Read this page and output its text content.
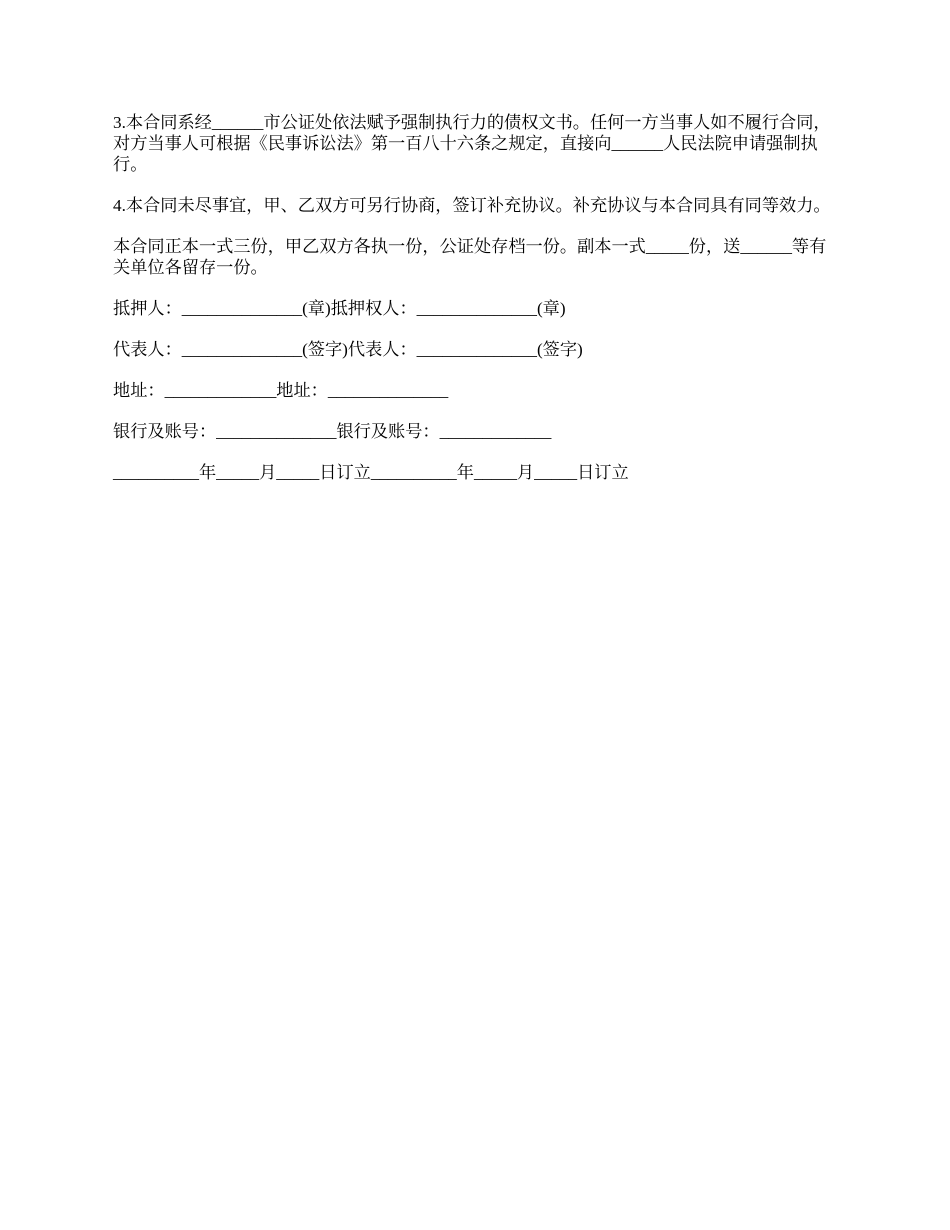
3.本合同系经______市公证处依法赋予强制执行力的债权文书。任何一方当事人如不履行合同，对方当事人可根据《民事诉讼法》第一百八十六条之规定，直接向______人民法院申请强制执行。

4.本合同未尽事宜，甲、乙双方可另行协商，签订补充协议。补充协议与本合同具有同等效力。

本合同正本一式三份，甲乙双方各执一份，公证处存档一份。副本一式_____份，送______等有关单位各留存一份。

抵押人：______________(章)抵押权人：______________(章)

代表人：______________(签字)代表人：______________(签字)

地址：_____________地址：______________

银行及账号：______________银行及账号：_____________

__________年_____月_____日订立__________年_____月_____日订立
